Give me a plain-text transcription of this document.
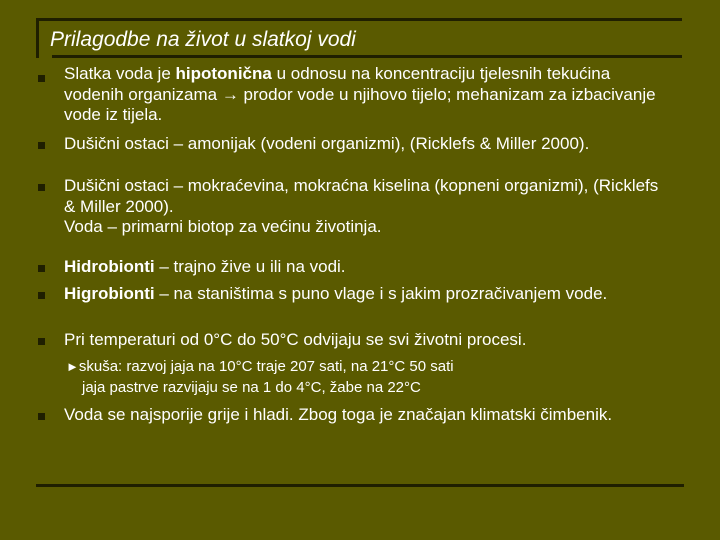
Prilagodbe na život u slatkoj vodi
Slatka voda je hipotonična u odnosu na koncentraciju tjelesnih tekućina vodenih organizama → prodor vode u njihovo tijelo; mehanizam za izbacivanje vode iz tijela.
Dušični ostaci – amonijak (vodeni organizmi), (Ricklefs & Miller 2000).
Dušični ostaci – mokraćevina, mokraćna kiselina (kopneni organizmi), (Ricklefs & Miller 2000).
Voda – primarni biotop za većinu životinja.
Hidrobionti – trajno žive u ili na vodi.
Higrobionti – na staništima s puno vlage i s jakim prozračivanjem vode.
Pri temperaturi od 0°C do 50°C odvijaju se svi životni procesi.
►skuša: razvoj jaja na 10°C traje 207 sati, na 21°C 50 sati
jaja pastrve razvijaju se na 1 do 4°C, žabe na 22°C
Voda se najsporije grije i hladi. Zbog toga je značajan klimatski čimbenik.
